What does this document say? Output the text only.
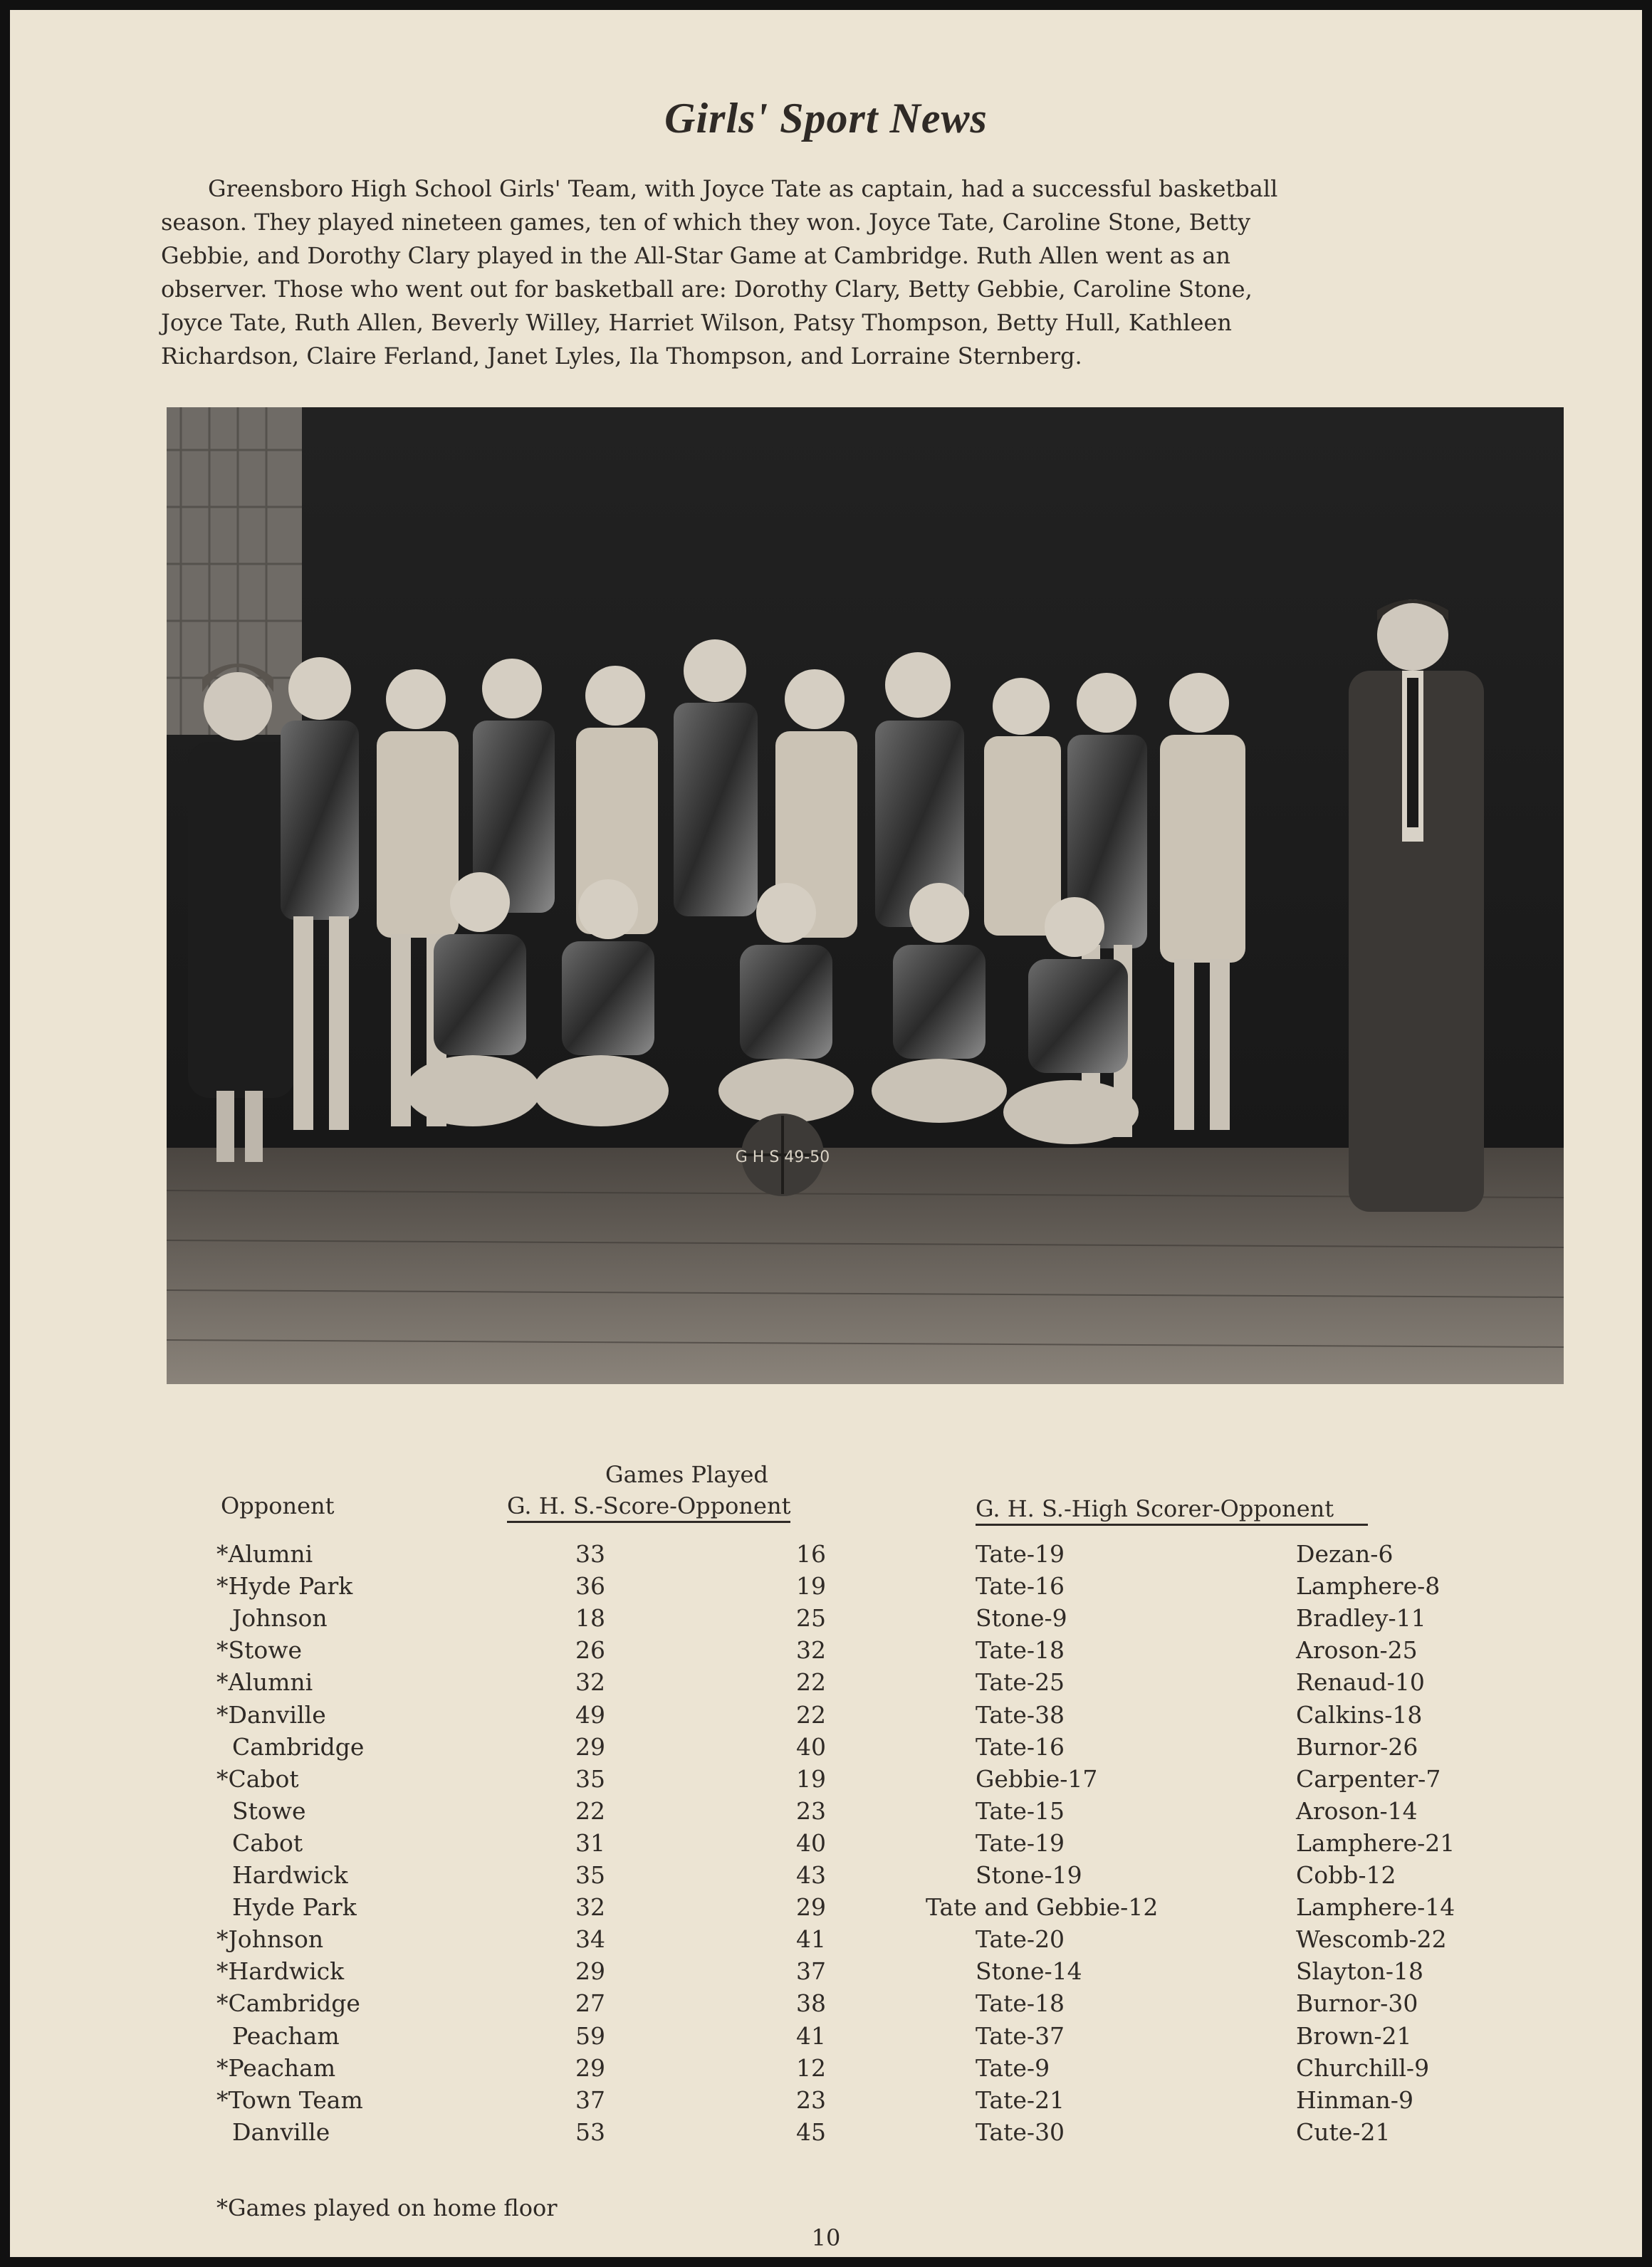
Girls' Sport News
Greensboro High School Girls' Team, with Joyce Tate as captain, had a successful basketball
season. They played nineteen games, ten of which they won. Joyce Tate, Caroline Stone, Betty
Gebbie, and Dorothy Clary played in the All-Star Game at Cambridge. Ruth Allen went as an
observer. Those who went out for basketball are: Dorothy Clary, Betty Gebbie, Caroline Stone,
Joyce Tate, Ruth Allen, Beverly Willey, Harriet Wilson, Patsy Thompson, Betty Hull, Kathleen
Richardson, Claire Ferland, Janet Lyles, Ila Thompson, and Lorraine Sternberg.
G H S 49-50
Games Played
Opponent	G. H. S.-Score-Opponent	G. H. S.-High Scorer-Opponent
*Alumni	33	16	Tate-19	Dezan-6
*Hyde Park	36	19	Tate-16	Lamphere-8
Johnson	18	25	Stone-9	Bradley-11
*Stowe	26	32	Tate-18	Aroson-25
*Alumni	32	22	Tate-25	Renaud-10
*Danville	49	22	Tate-38	Calkins-18
Cambridge	29	40	Tate-16	Burnor-26
*Cabot	35	19	Gebbie-17	Carpenter-7
Stowe	22	23	Tate-15	Aroson-14
Cabot	31	40	Tate-19	Lamphere-21
Hardwick	35	43	Stone-19	Cobb-12
Hyde Park	32	29	Tate and Gebbie-12	Lamphere-14
*Johnson	34	41	Tate-20	Wescomb-22
*Hardwick	29	37	Stone-14	Slayton-18
*Cambridge	27	38	Tate-18	Burnor-30
Peacham	59	41	Tate-37	Brown-21
*Peacham	29	12	Tate-9	Churchill-9
*Town Team	37	23	Tate-21	Hinman-9
Danville	53	45	Tate-30	Cute-21
*Games played on home floor
10
